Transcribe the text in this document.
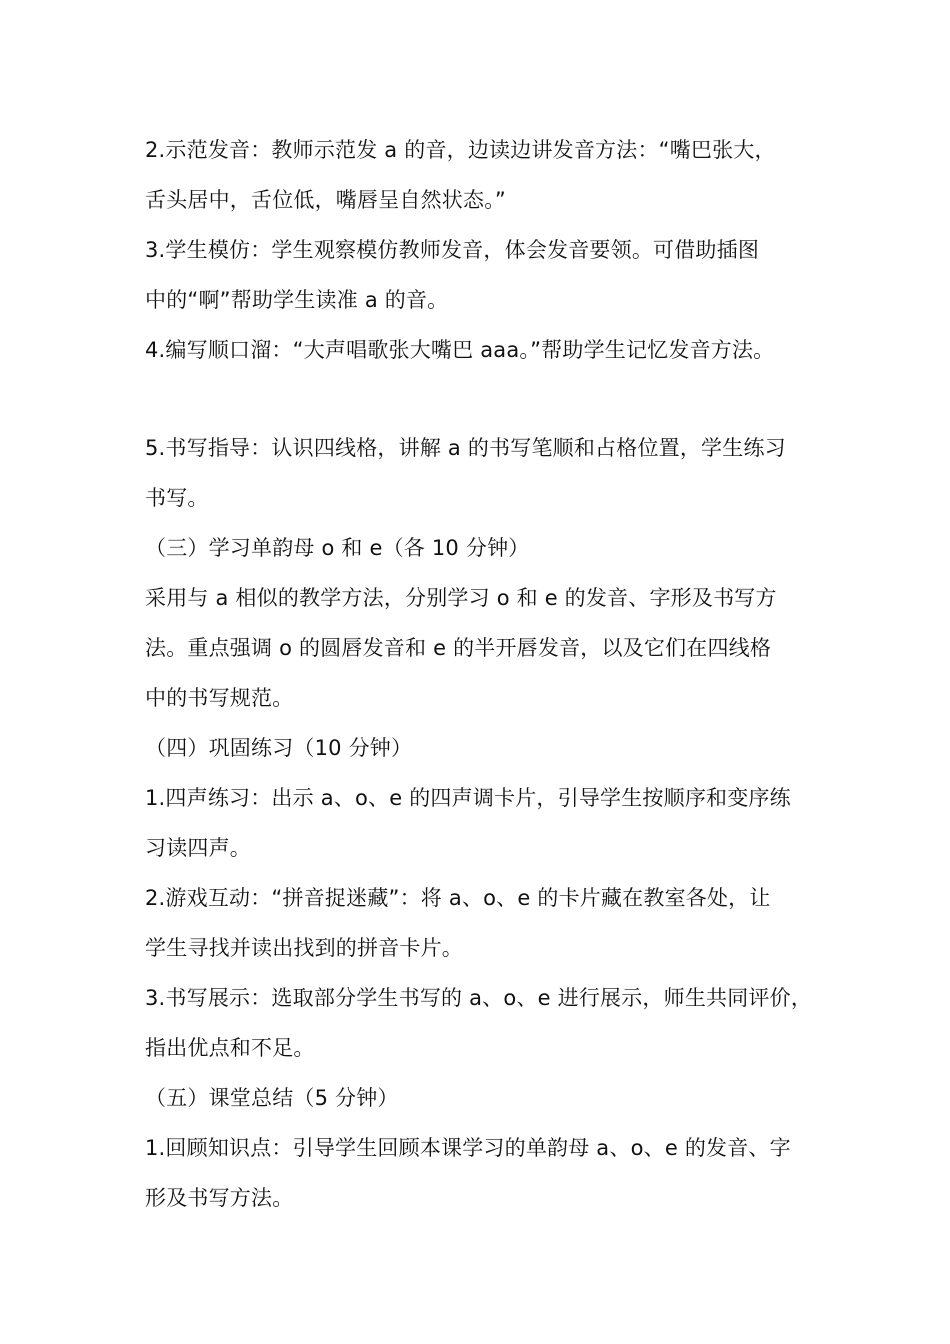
2.示范发音：教师示范发 a 的音，边读边讲发音方法：“嘴巴张大，
舌头居中，舌位低，嘴唇呈自然状态。”
3.学生模仿：学生观察模仿教师发音，体会发音要领。可借助插图
中的“啊”帮助学生读准 a 的音。
4.编写顺口溜：“大声唱歌张大嘴巴 aaa。”帮助学生记忆发音方法。
5.书写指导：认识四线格，讲解 a 的书写笔顺和占格位置，学生练习
书写。
（三）学习单韵母 o 和 e（各 10 分钟）
采用与 a 相似的教学方法，分别学习 o 和 e 的发音、字形及书写方
法。重点强调 o 的圆唇发音和 e 的半开唇发音，以及它们在四线格
中的书写规范。
（四）巩固练习（10 分钟）
1.四声练习：出示 a、o、e 的四声调卡片，引导学生按顺序和变序练
习读四声。
2.游戏互动：“拼音捉迷藏”：将 a、o、e 的卡片藏在教室各处，让
学生寻找并读出找到的拼音卡片。
3.书写展示：选取部分学生书写的 a、o、e 进行展示，师生共同评价，
指出优点和不足。
（五）课堂总结（5 分钟）
1.回顾知识点：引导学生回顾本课学习的单韵母 a、o、e 的发音、字
形及书写方法。
